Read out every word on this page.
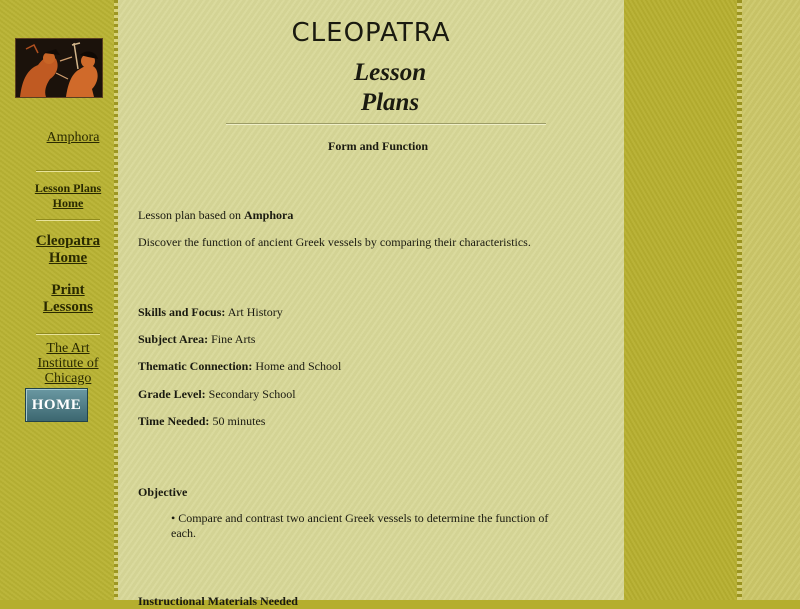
Amphora
Lesson Plans
Home
Cleopatra
Home
Print
Lessons
The Art
Institute of
Chicago
HOME
CLEOPATRA
Lesson
Plans
Form and Function
Lesson plan based on Amphora
Discover the function of ancient Greek vessels by comparing their characteristics.
Skills and Focus: Art History
Subject Area: Fine Arts
Thematic Connection: Home and School
Grade Level: Secondary School
Time Needed: 50 minutes
Objective
• Compare and contrast two ancient Greek vessels to determine the function of each.
Instructional Materials Needed
